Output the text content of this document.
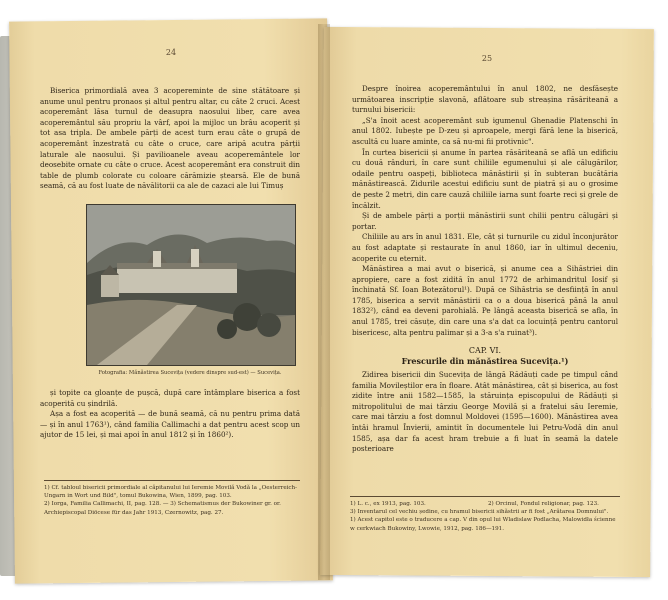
24

Biserica primordială avea 3 acopereminte de sine stătătoare și anume unul pentru pronaos și altul pentru altar, cu câte 2 cruci. Acest acoperemânt lăsa turnul de deasupra naosului liber, care avea acoperemântul său propriu la vârf, apoi la mijloc un brâu acoperit și tot asa tripla. De ambele părți de acest turn erau câte o grupă de acoperemânt înzestrată cu câte o cruce, care aripă acutra părții laturale ale naosului. Și pavilioanele aveau acoperemântele lor deosebite ornate cu câte o cruce. Acest acoperemânt era construit din table de plumb colorate cu coloare cărămizie ștearsă. Ele de bună seamă, că au fost luate de năvălitorii ca ale de cazaci ale lui Timuș

Fotografia: Mănăstirea Sucevița (vedere dinspre sud-est) — Sucevița.

și topite ca gloanțe de pușcă, după care întâmplare biserica a fost acoperită cu șindrilă.

Așa a fost ea acoperită — de bună seamă, că nu pentru prima dată — și în anul 1763¹), când familia Callimachi a dat pentru acest scop un ajutor de 15 lei, și mai apoi în anul 1812 și în 1860²).

1) Cf. tabloul bisericii primordiale al căpitanului lui Ieremie Movilă Vodă la „Oesterreich-Ungarn in Wort und Bild", tomul Bukowina, Wien, 1899, pag. 103.
2) Iorga, Familia Callimachi, II, pag. 128. — 3) Schematismus der Bukowiner gr. or. Archiepiscopal Diöcese für das Jahr 1913, Czernowitz, pag. 27.
25

Despre înoirea acoperemântului în anul 1802, ne desfăsește următoarea inscripție slavonă, aflătoare sub streașina răsăriteană a turnului bisericii:

„S'a înoit acest acoperemânt sub igumenul Ghenadie Platenschi în anul 1802. Iubește pe D-zeu și aproapele, mergi fără lene la biserică, ascultă cu luare aminte, ca să nu-mi fii protivnic".

În curtea bisericii și anume în partea răsăriteană se află un edificiu cu două rânduri, în care sunt chiliile egumenului și ale călugărilor, odaile pentru oaspeți, biblioteca mănăstirii și în subteran bucătăria mănăstirească. Zidurile acestui edificiu sunt de piatră și au o grosime de peste 2 metri, din care cauză chiliile iarna sunt foarte reci și grele de încălzit.

Și de ambele părți a porții mănăstirii sunt chilii pentru călugări și portar.

Chiliile au ars în anul 1831. Ele, cât și turnurile cu zidul înconjurător au fost adaptate și restaurate în anul 1860, iar în ultimul deceniu, acoperite cu eternit.

Mănăstirea a mai avut o biserică, și anume cea a Sihăstriei din apropiere, care a fost zidită în anul 1772 de arhimandritul Iosif și închinată Sf. Ioan Botezătorul¹). După ce Sihăstria se desființă în anul 1785, biserica a servit mănăstirii ca o a doua biserică până la anul 1832²), când ea deveni parohială. Pe lângă aceasta biserică se afla, în anul 1785, trei căsuțe, din care una s'a dat ca locuință pentru cantorul bisericesc, alta pentru palimar și a 3-a s'a ruinat³).

CAP. VI.
Frescurile din mănăstirea Sucevița.¹)

Zidirea bisericii din Sucevița de lângă Rădăuți cade pe timpul când familia Movileștilor era în floare. Atât mănăstirea, cât și biserica, au fost zidite între anii 1582—1585, la stăruința episcopului de Rădăuți și mitropolitului de mai târziu George Movilă și a fratelui său Ieremie, care mai târziu a fost domnul Moldovei (1595—1600). Mănăstirea avea întâi hramul Învierii, amintit în documentele lui Petru-Vodă din anul 1585, așa dar fa acest hram trebuie a fi luat în seamă la datele posterioare

1) L. c., ex 1913, pag. 103.	2) Orcinul, Fondul religionar, pag. 123.
3) Inventarul cel vechiu ședine, cu hramul bisericii sihăstrii ar fi fost „Arătarea Domnului".
1) Acest capitol este o traducere a cap. V din opul lui Wladislaw Podlacha, Malowidła ścienne w cerkwiach Bukowiny, Lwowie, 1912, pag. 186—191.
